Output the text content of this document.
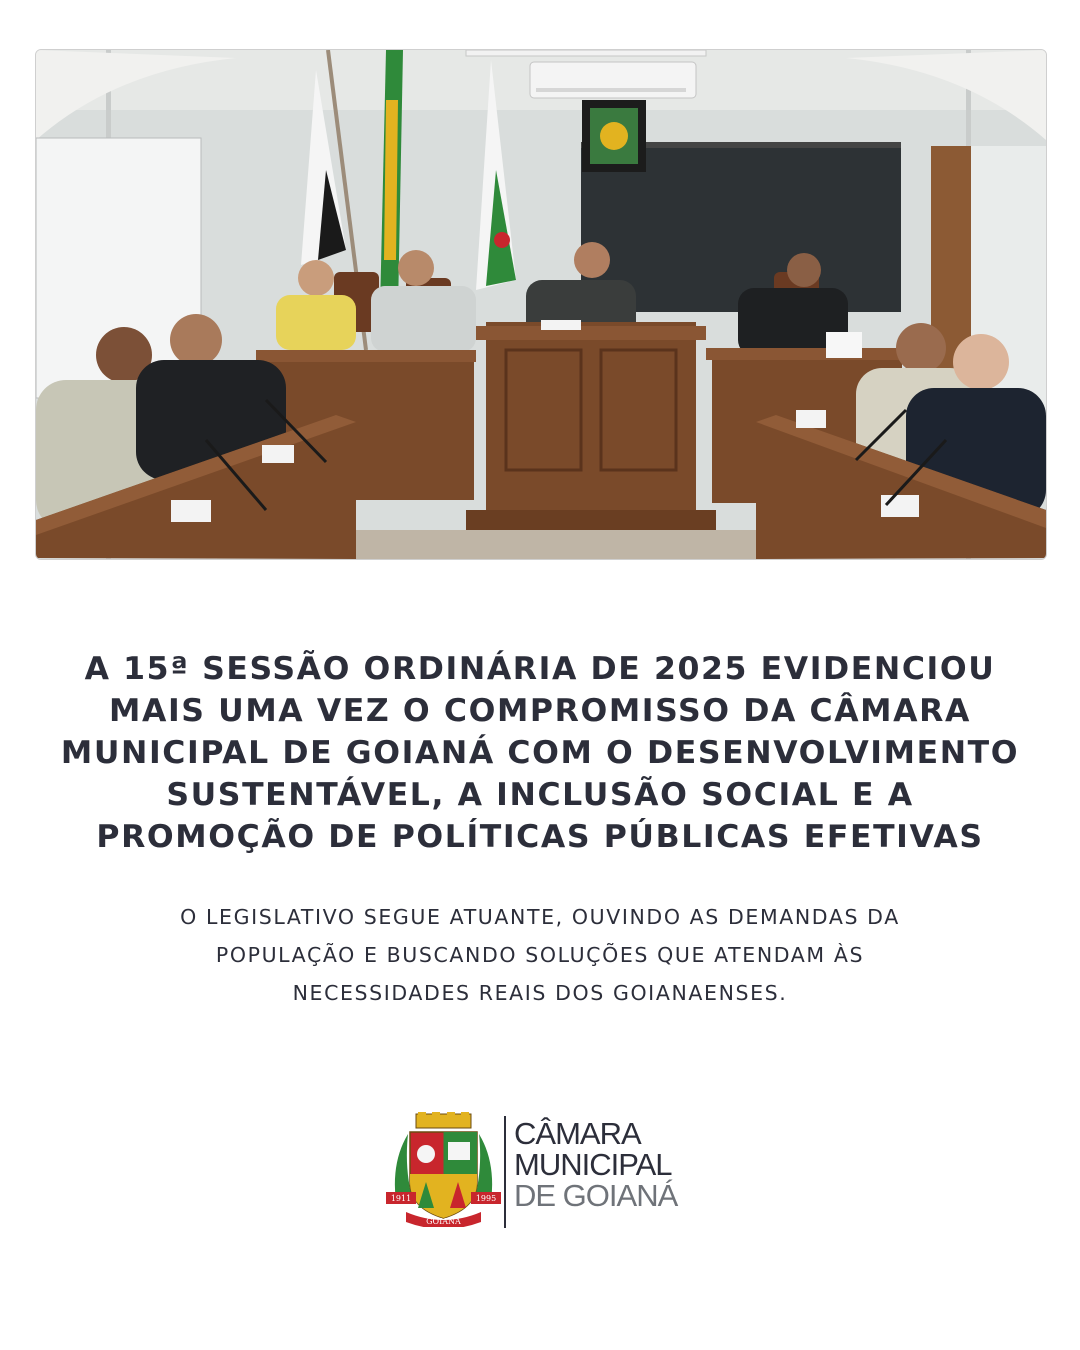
A 15ª SESSÃO ORDINÁRIA DE 2025 EVIDENCIOU
MAIS UMA VEZ O COMPROMISSO DA CÂMARA
MUNICIPAL DE GOIANÁ COM O DESENVOLVIMENTO
SUSTENTÁVEL, A INCLUSÃO SOCIAL E A
PROMOÇÃO DE POLÍTICAS PÚBLICAS EFETIVAS

O LEGISLATIVO SEGUE ATUANTE, OUVINDO AS DEMANDAS DA
POPULAÇÃO E BUSCANDO SOLUÇÕES QUE ATENDAM ÀS
NECESSIDADES REAIS DOS GOIANAENSES.

1911	1995
GOIANÁ
CÂMARA
MUNICIPAL
DE GOIANÁ
